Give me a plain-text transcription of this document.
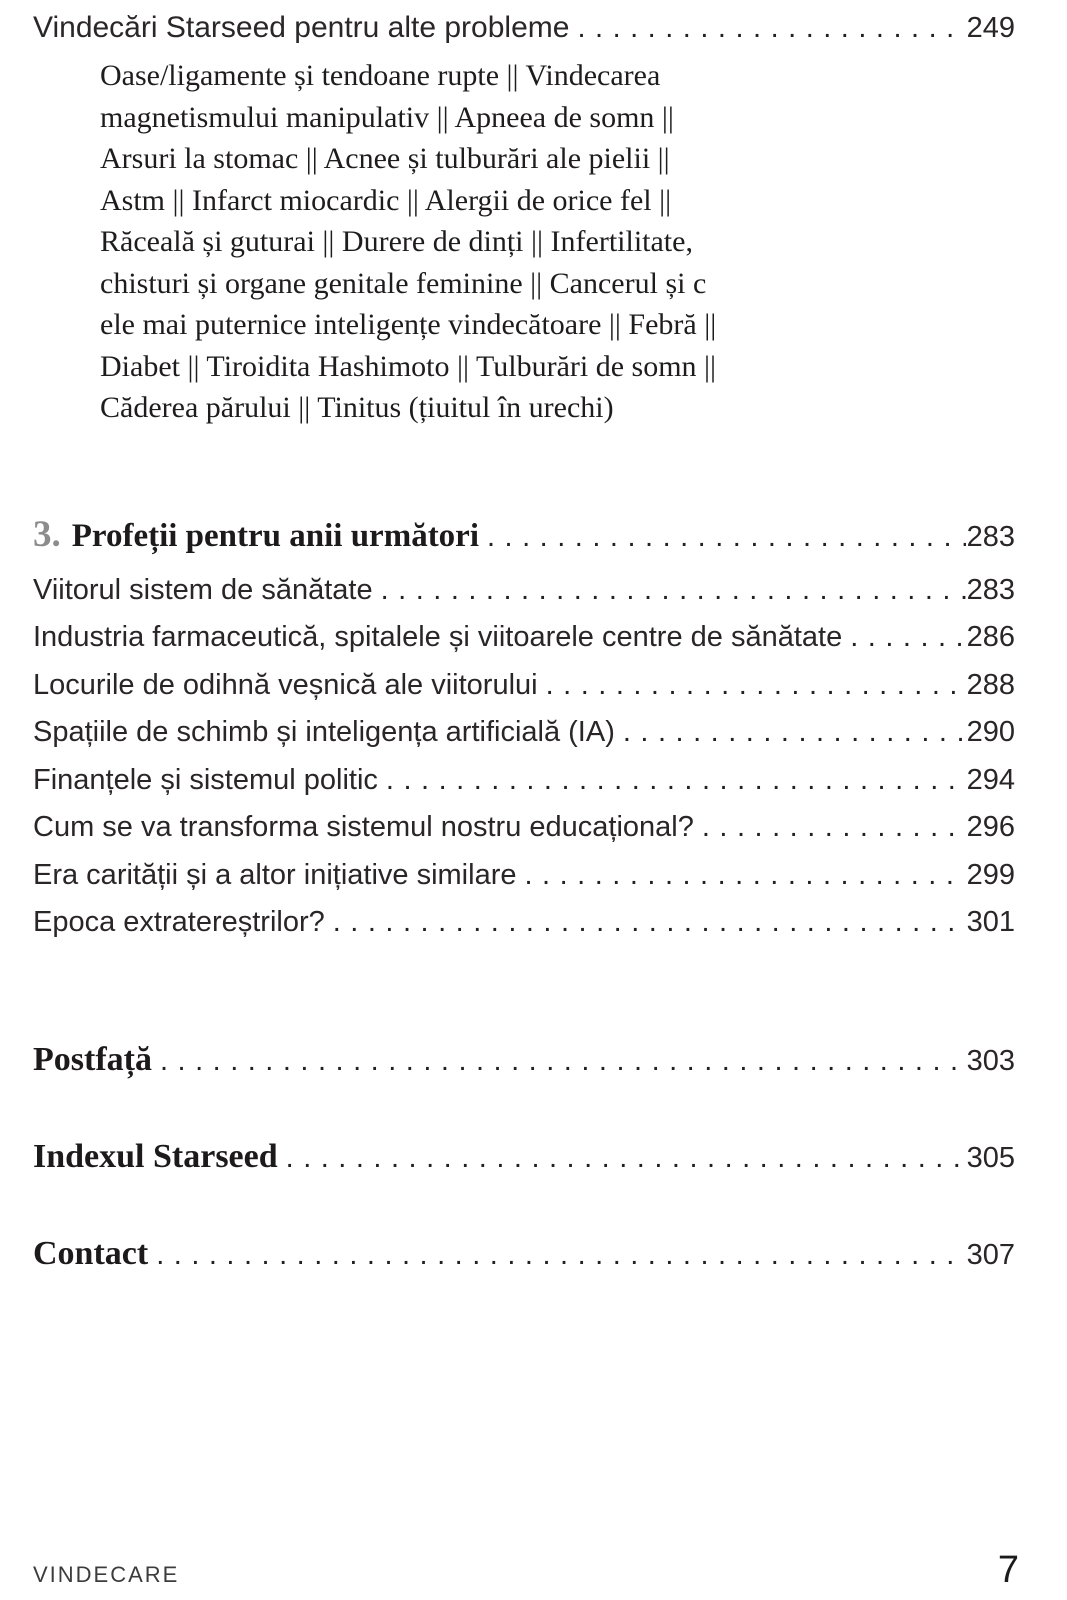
Vindecări Starseed pentru alte probleme .....	249
Oase/ligamente și tendoane rupte || Vindecarea
magnetismului manipulativ || Apneea de somn ||
Arsuri la stomac || Acnee și tulburări ale pielii ||
Astm || Infarct miocardic || Alergii de orice fel ||
Răceală și guturai || Durere de dinți || Infertilitate,
chisturi și organe genitale feminine || Cancerul și c
ele mai puternice inteligențe vindecătoare || Febră ||
Diabet || Tiroidita Hashimoto || Tulburări de somn ||
Căderea părului || Tinitus (țiuitul în urechi)
3. Profeții pentru anii următori .....	283
Viitorul sistem de sănătate .....	283
Industria farmaceutică, spitalele și viitoarele centre de sănătate .....	286
Locurile de odihnă veșnică ale viitorului .....	288
Spațiile de schimb și inteligența artificială (IA) .....	290
Finanțele și sistemul politic .....	294
Cum se va transforma sistemul nostru educațional? .....	296
Era carității și a altor inițiative similare .....	299
Epoca extratereștrilor? .....	301
Postfață .....	303
Indexul Starseed .....	305
Contact .....	307
VINDECARE	7
